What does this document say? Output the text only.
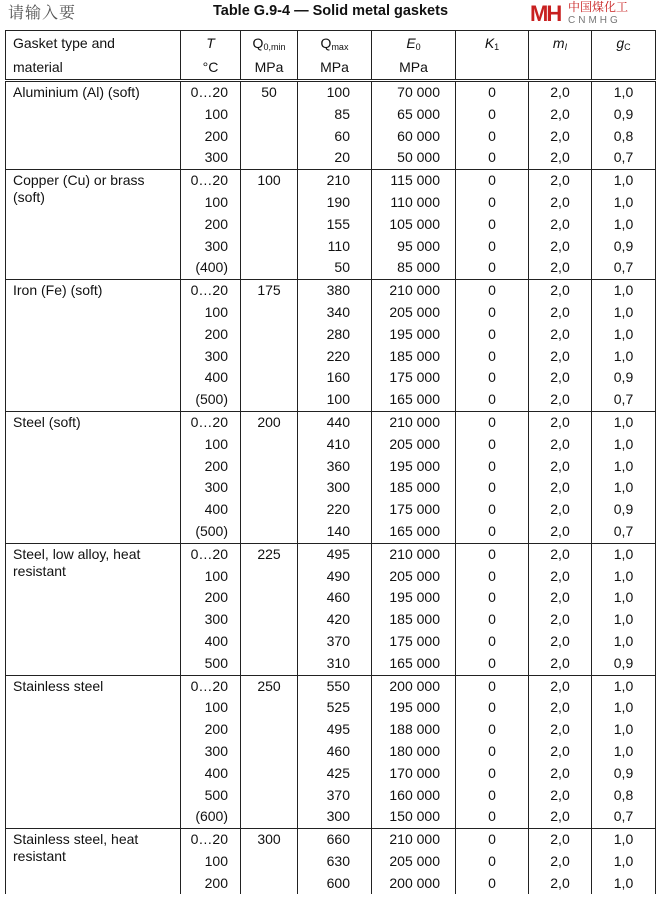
Table G.9-4 — Solid metal gaskets
Gasket type and	T	$Q_{0,min}$	$Q_{max}$	$E_0$	$K_1$	$m_I$	$g_C$
material	°C	MPa	MPa	MPa			
Aluminium (Al) (soft)	0…20	50	100	70 000	0	2,0	1,0
	100		85	65 000	0	2,0	0,9
	200		60	60 000	0	2,0	0,8
	300		20	50 000	0	2,0	0,7
Copper (Cu) or brass (soft)	0…20	100	210	115 000	0	2,0	1,0
	100		190	110 000	0	2,0	1,0
	200		155	105 000	0	2,0	1,0
	300		110	95 000	0	2,0	0,9
	(400)		50	85 000	0	2,0	0,7
Iron (Fe) (soft)	0…20	175	380	210 000	0	2,0	1,0
	100		340	205 000	0	2,0	1,0
	200		280	195 000	0	2,0	1,0
	300		220	185 000	0	2,0	1,0
	400		160	175 000	0	2,0	0,9
	(500)		100	165 000	0	2,0	0,7
Steel (soft)	0…20	200	440	210 000	0	2,0	1,0
	100		410	205 000	0	2,0	1,0
	200		360	195 000	0	2,0	1,0
	300		300	185 000	0	2,0	1,0
	400		220	175 000	0	2,0	0,9
	(500)		140	165 000	0	2,0	0,7
Steel, low alloy, heat resistant	0…20	225	495	210 000	0	2,0	1,0
	100		490	205 000	0	2,0	1,0
	200		460	195 000	0	2,0	1,0
	300		420	185 000	0	2,0	1,0
	400		370	175 000	0	2,0	1,0
	500		310	165 000	0	2,0	0,9
Stainless steel	0…20	250	550	200 000	0	2,0	1,0
	100		525	195 000	0	2,0	1,0
	200		495	188 000	0	2,0	1,0
	300		460	180 000	0	2,0	1,0
	400		425	170 000	0	2,0	0,9
	500		370	160 000	0	2,0	0,8
	(600)		300	150 000	0	2,0	0,7
Stainless steel, heat resistant	0…20	300	660	210 000	0	2,0	1,0
	100		630	205 000	0	2,0	1,0
	200		600	200 000	0	2,0	1,0
请输入要	MH 中国煤化工
CNMHG
